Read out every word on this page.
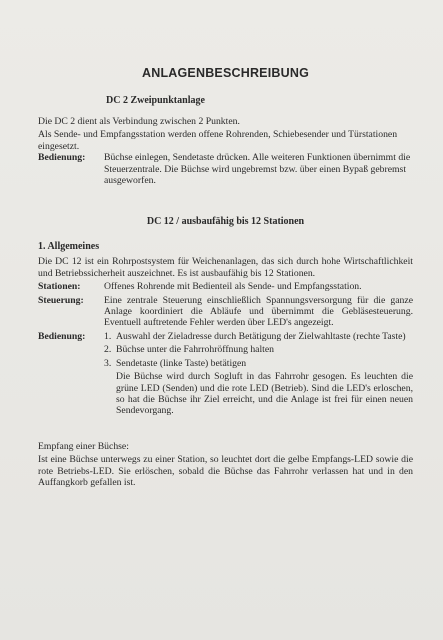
ANLAGENBESCHREIBUNG
DC 2 Zweipunktanlage

Die DC 2 dient als Verbindung zwischen 2 Punkten.

Als Sende- und Empfangsstation werden offene Rohrenden, Schiebesender und Türstationen eingesetzt.

Bedienung:	Büchse einlegen, Sendetaste drücken. Alle weiteren Funktionen übernimmt die Steuerzentrale. Die Büchse wird ungebremst bzw. über einen Bypaß gebremst ausgeworfen.
DC 12 / ausbaufähig bis 12 Stationen
1. Allgemeines

Die DC 12 ist ein Rohrpostsystem für Weichenanlagen, das sich durch hohe Wirtschaftlichkeit und Betriebssicherheit auszeichnet. Es ist ausbaufähig bis 12 Stationen.

Stationen:	Offenes Rohrende mit Bedienteil als Sende- und Empfangsstation.
Steuerung:	Eine zentrale Steuerung einschließlich Spannungsversorgung für die ganze Anlage koordiniert die Abläufe und übernimmt die Gebläsesteuerung. Eventuell auftretende Fehler werden über LED's angezeigt.
Bedienung:	1. Auswahl der Zieladresse durch Betätigung der Zielwahltaste (rechte Taste)
2. Büchse unter die Fahrrohröffnung halten
3. Sendetaste (linke Taste) betätigen
Die Büchse wird durch Sogluft in das Fahrrohr gesogen. Es leuchten die grüne LED (Senden) und die rote LED (Betrieb). Sind die LED's erloschen, so hat die Büchse ihr Ziel erreicht, und die Anlage ist frei für einen neuen Sendevorgang.

Empfang einer Büchse:

Ist eine Büchse unterwegs zu einer Station, so leuchtet dort die gelbe Empfangs-LED sowie die rote Betriebs-LED. Sie erlöschen, sobald die Büchse das Fahrrohr verlassen hat und in den Auffangkorb gefallen ist.
